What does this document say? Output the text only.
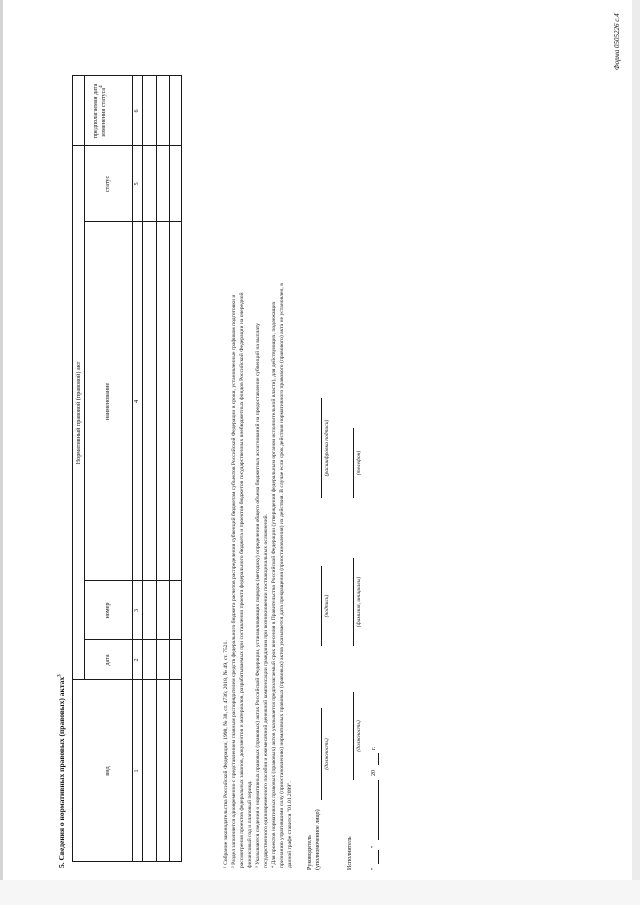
Форма 0505226 с.4
5. Сведения о нормативных правовых (правовых) актах$^3$
Нормативный правовой (правовой) акт
вид
дата
номер
наименование
статус
предполагаемая дата изменения статуса$^4$
1
2
3
4
5
6
¹ Собрание законодательства Российской Федерации, 1998, № 38, ст. 4736; 2018, № 49, ст. 7521. ² Раздел заполняется одновременно с представлением главным распорядителем средств федерального бюджета расчетов распределения субвенций бюджетам субъектов Российской Федерации в сроки, установленные графиком подготовки и рассмотрения проектов федеральных законов, документов и материалов, разрабатываемых при составлении проекта федерального бюджета и проектов бюджетов государственных внебюджетных фондов Российской Федерации на очередной финансовый год и плановый период. ³ Указываются сведения о нормативных правовых (правовых) актах Российской Федерации, устанавливающих порядок (методику) определения общего объема бюджетных ассигнований на предоставление субвенций на выплату государственного единовременного пособия и ежемесячной денежной компенсации гражданам при возникновении поствакцинальных осложнений. ⁴ Для проектов нормативных правовых (правовых) актов указывается предполагаемый срок внесения в Правительство Российской Федерации (утверждения федеральным органом исполнительной власти), для действующих, подлежащих признанию утратившими силу (приостановлению) нормативных правовых (правовых) актов указывается дата прекращения (приостановления) их действия. В случае если срок действия нормативного правового (правового) акта не установлен, в данной графе ставится "01.01.2099". Руководитель (уполномоченное лицо)
(должность)
(подпись)
(расшифровка подписи)
Исполнитель
(должность)
(фамилия, инициалы)
(телефон)
"
"
20
г.
